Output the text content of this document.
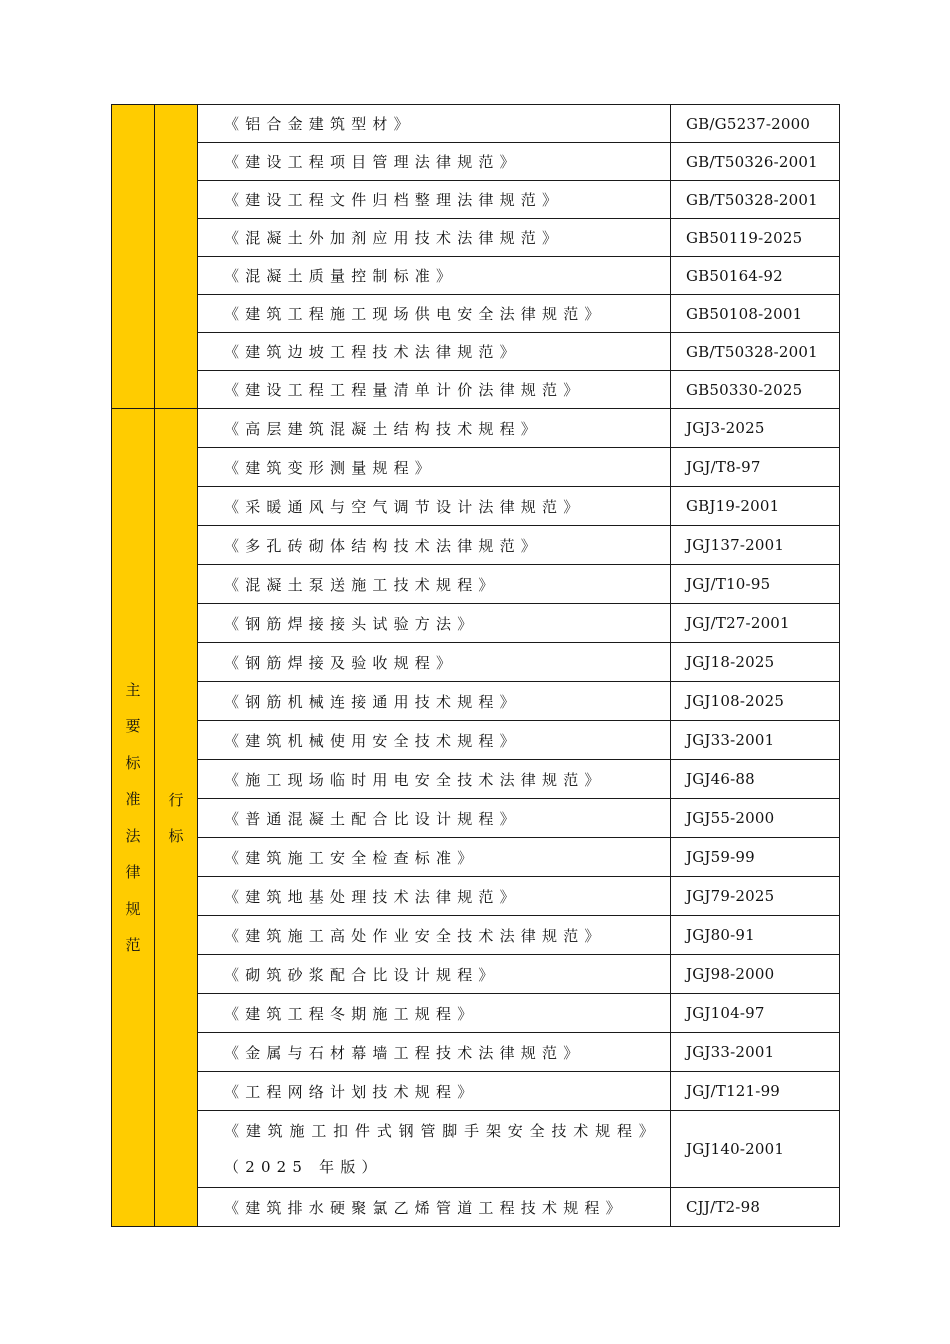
		《铝合金建筑型材》	GB/G5237-2000
		《建设工程项目管理法律规范》	GB/T50326-2001
		《建设工程文件归档整理法律规范》	GB/T50328-2001
		《混凝土外加剂应用技术法律规范》	GB50119-2025
		《混凝土质量控制标准》	GB50164-92
		《建筑工程施工现场供电安全法律规范》	GB50108-2001
		《建筑边坡工程技术法律规范》	GB/T50328-2001
		《建设工程工程量清单计价法律规范》	GB50330-2025
主要标准法律规范	行标	《高层建筑混凝土结构技术规程》	JGJ3-2025
		《建筑变形测量规程》	JGJ/T8-97
		《采暖通风与空气调节设计法律规范》	GBJ19-2001
		《多孔砖砌体结构技术法律规范》	JGJ137-2001
		《混凝土泵送施工技术规程》	JGJ/T10-95
		《钢筋焊接接头试验方法》	JGJ/T27-2001
		《钢筋焊接及验收规程》	JGJ18-2025
		《钢筋机械连接通用技术规程》	JGJ108-2025
		《建筑机械使用安全技术规程》	JGJ33-2001
		《施工现场临时用电安全技术法律规范》	JGJ46-88
		《普通混凝土配合比设计规程》	JGJ55-2000
		《建筑施工安全检查标准》	JGJ59-99
		《建筑地基处理技术法律规范》	JGJ79-2025
		《建筑施工高处作业安全技术法律规范》	JGJ80-91
		《砌筑砂浆配合比设计规程》	JGJ98-2000
		《建筑工程冬期施工规程》	JGJ104-97
		《金属与石材幕墙工程技术法律规范》	JGJ33-2001
		《工程网络计划技术规程》	JGJ/T121-99
		《建筑施工扣件式钢管脚手架安全技术规程》（2025 年版）	JGJ140-2001
		《建筑排水硬聚氯乙烯管道工程技术规程》	CJJ/T2-98
